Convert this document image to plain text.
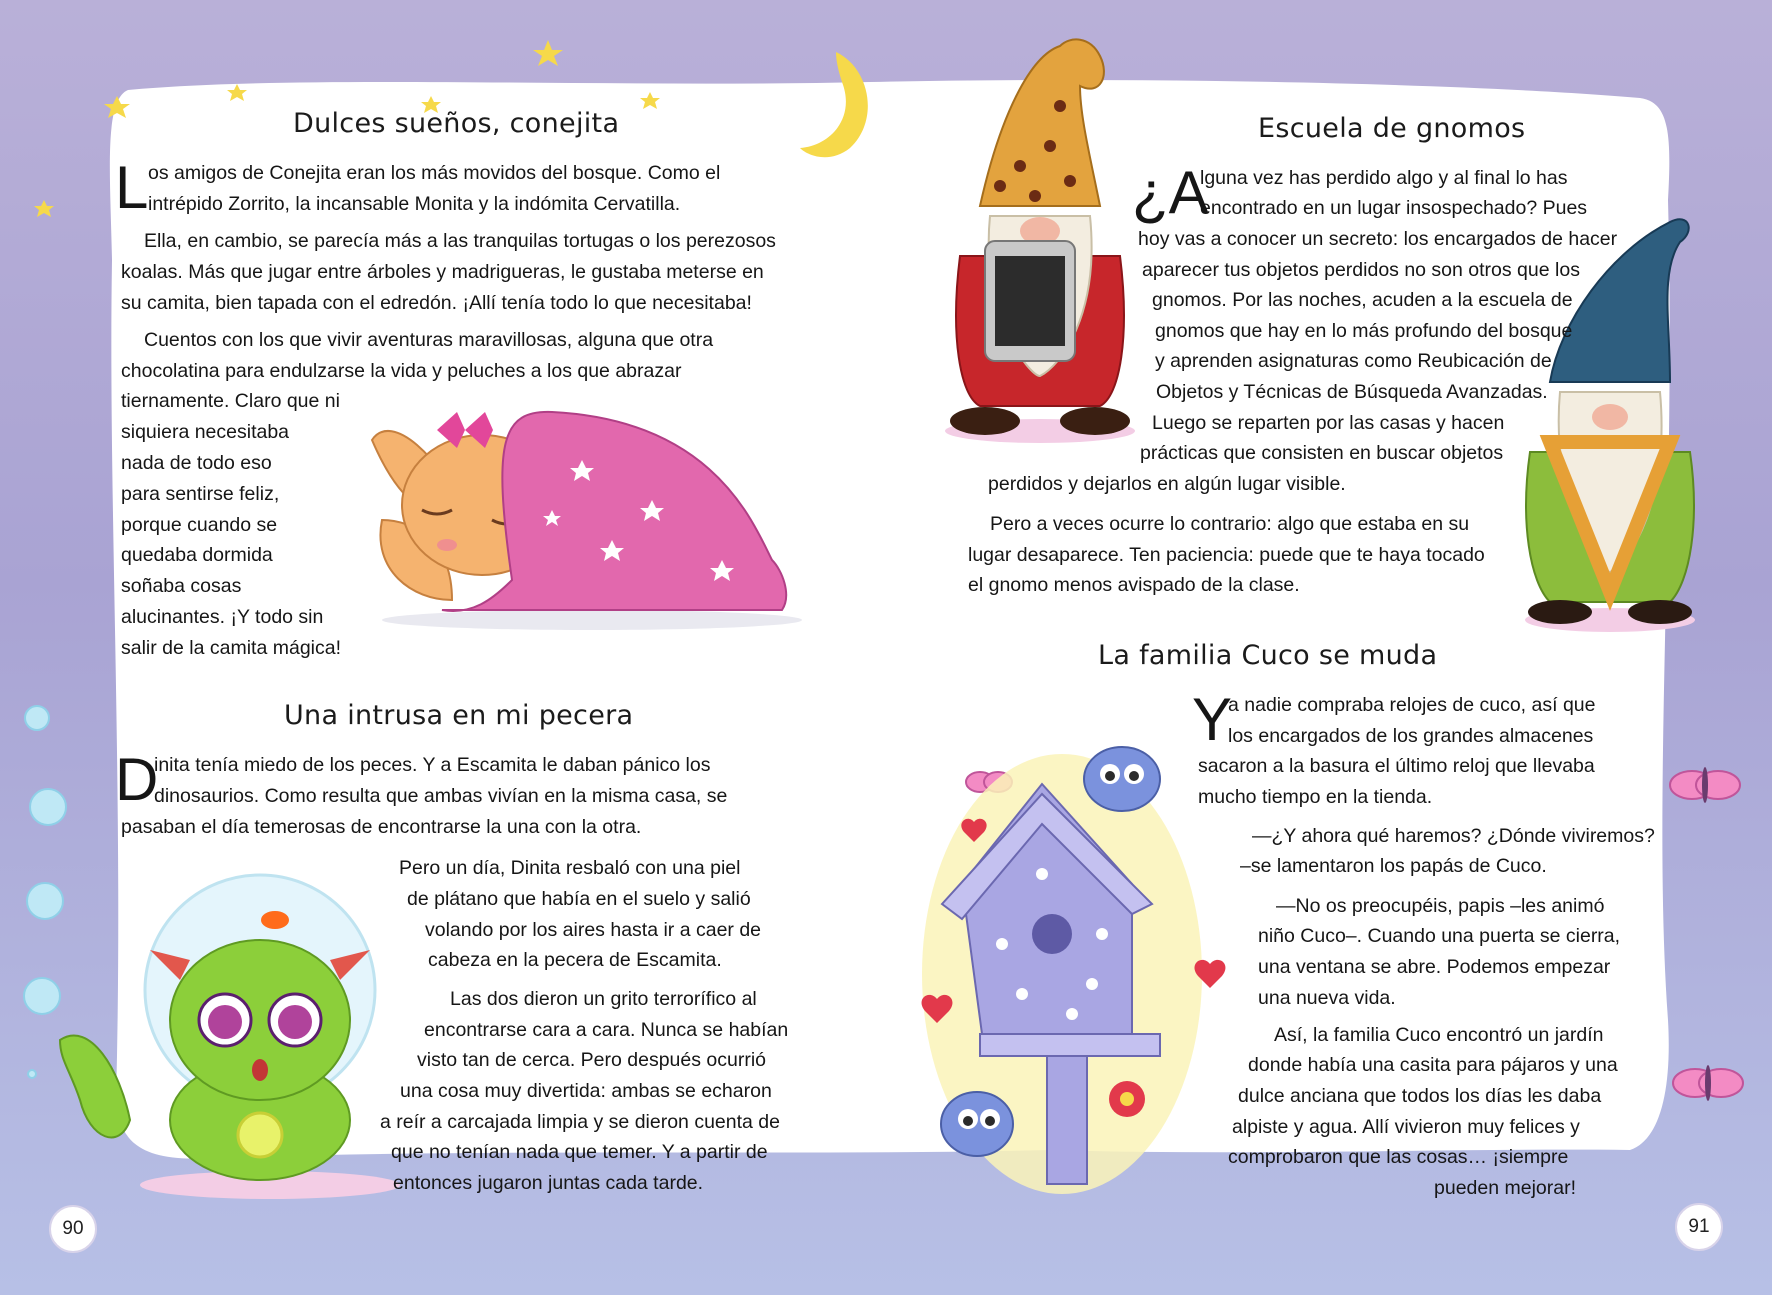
Dulces sueños, conejita
L os amigos de Conejita eran los más movidos del bosque. Como el
intrépido Zorrito, la incansable Monita y la indómita Cervatilla.
Ella, en cambio, se parecía más a las tranquilas tortugas o los perezosos
koalas. Más que jugar entre árboles y madrigueras, le gustaba meterse en
su camita, bien tapada con el edredón. ¡Allí tenía todo lo que necesitaba!
Cuentos con los que vivir aventuras maravillosas, alguna que otra
chocolatina para endulzarse la vida y peluches a los que abrazar
tiernamente. Claro que ni
siquiera necesitaba
nada de todo eso
para sentirse feliz,
porque cuando se
quedaba dormida
soñaba cosas
alucinantes. ¡Y todo sin
salir de la camita mágica!
Una intrusa en mi pecera
D
inita tenía miedo de los peces. Y a Escamita le daban pánico los
dinosaurios. Como resulta que ambas vivían en la misma casa, se
pasaban el día temerosas de encontrarse la una con la otra.
Pero un día, Dinita resbaló con una piel
de plátano que había en el suelo y salió
volando por los aires hasta ir a caer de
cabeza en la pecera de Escamita.
Las dos dieron un grito terrorífico al
encontrarse cara a cara. Nunca se habían
visto tan de cerca. Pero después ocurrió
una cosa muy divertida: ambas se echaron
a reír a carcajada limpia y se dieron cuenta de
que no tenían nada que temer. Y a partir de
entonces jugaron juntas cada tarde.
Escuela de gnomos
¿A
lguna vez has perdido algo y al final lo has
encontrado en un lugar insospechado? Pues
hoy vas a conocer un secreto: los encargados de hacer
aparecer tus objetos perdidos no son otros que los
gnomos. Por las noches, acuden a la escuela de
gnomos que hay en lo más profundo del bosque
y aprenden asignaturas como Reubicación de
Objetos y Técnicas de Búsqueda Avanzadas.
Luego se reparten por las casas y hacen
prácticas que consisten en buscar objetos
perdidos y dejarlos en algún lugar visible.
Pero a veces ocurre lo contrario: algo que estaba en su
lugar desaparece. Ten paciencia: puede que te haya tocado
el gnomo menos avispado de la clase.
La familia Cuco se muda
Y
a nadie compraba relojes de cuco, así que
los encargados de los grandes almacenes
sacaron a la basura el último reloj que llevaba
mucho tiempo en la tienda.
—¿Y ahora qué haremos? ¿Dónde viviremos?
–se lamentaron los papás de Cuco.
—No os preocupéis, papis –les animó
niño Cuco–. Cuando una puerta se cierra,
una ventana se abre. Podemos empezar
una nueva vida.
Así, la familia Cuco encontró un jardín
donde había una casita para pájaros y una
dulce anciana que todos los días les daba
alpiste y agua. Allí vivieron muy felices y
comprobaron que las cosas… ¡siempre
pueden mejorar!
90	91
